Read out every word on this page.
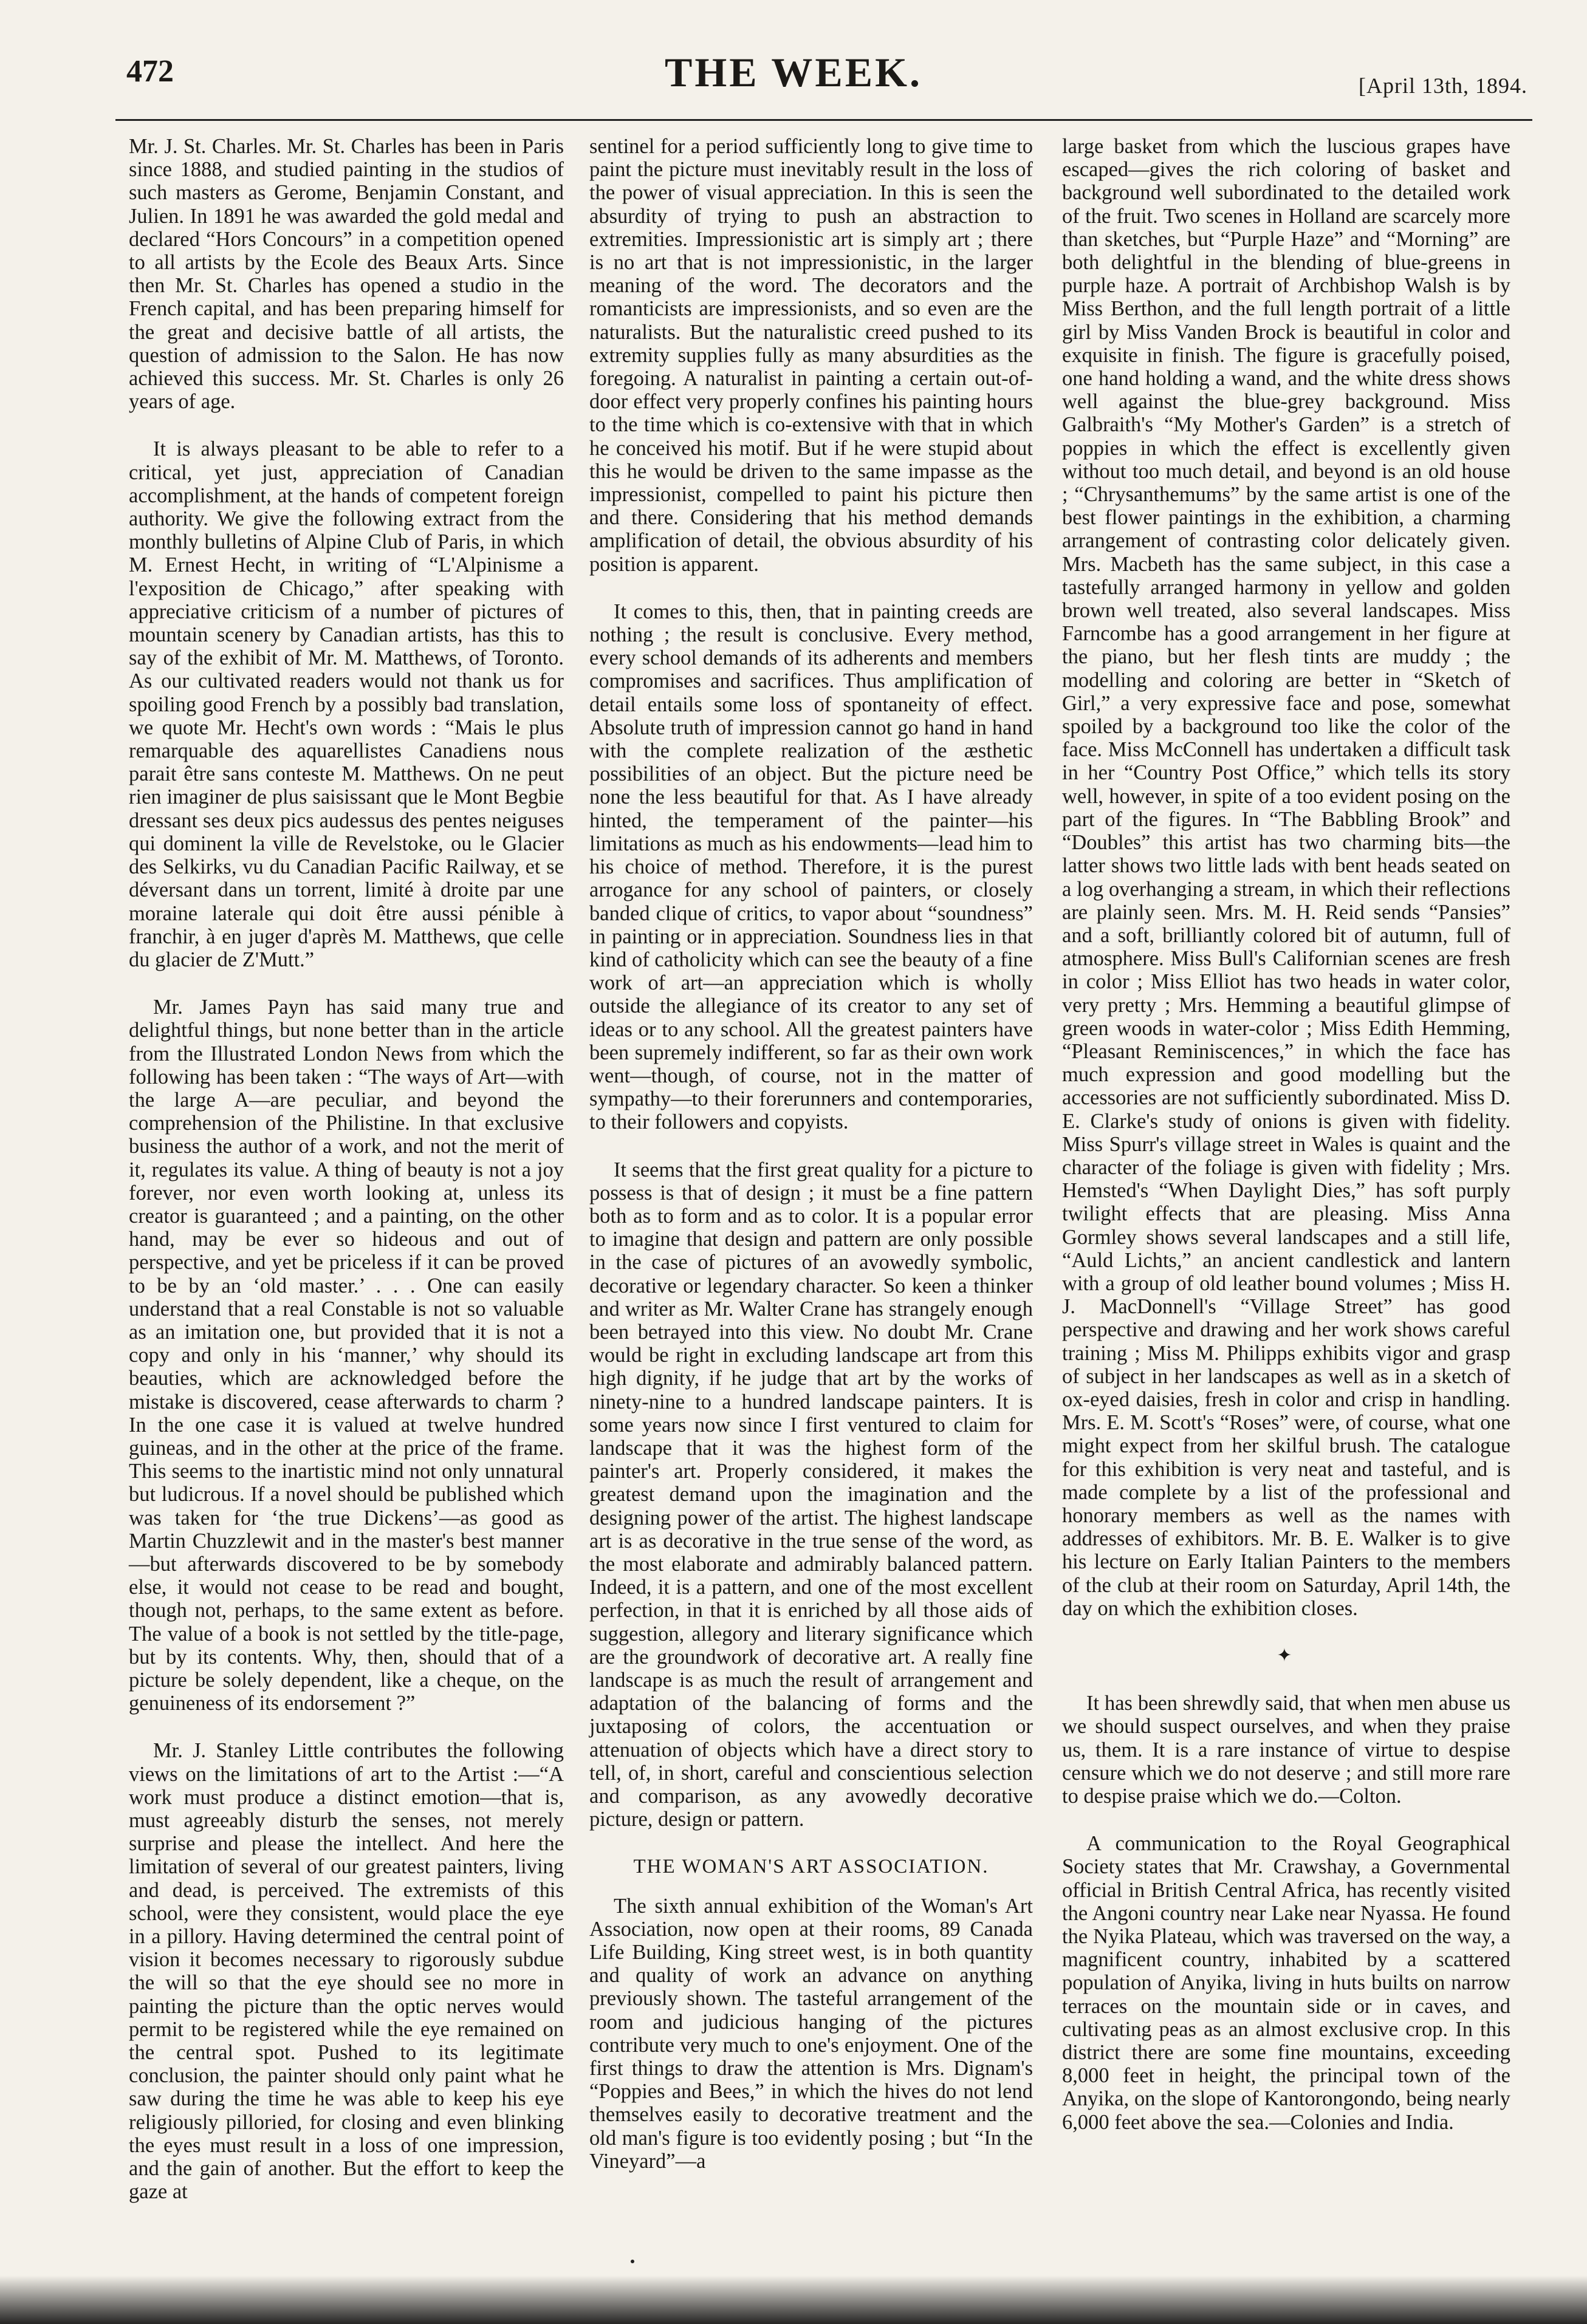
472	THE WEEK.	[April 13th, 1894.

Mr. J. St. Charles. Mr. St. Charles has been in Paris since 1888, and studied painting in the studios of such masters as Gerome, Benjamin Constant, and Julien. In 1891 he was awarded the gold medal and declared “Hors Concours” in a competition opened to all artists by the Ecole des Beaux Arts. Since then Mr. St. Charles has opened a studio in the French capital, and has been preparing himself for the great and decisive battle of all artists, the question of admission to the Salon. He has now achieved this success. Mr. St. Charles is only 26 years of age.

It is always pleasant to be able to refer to a critical, yet just, appreciation of Canadian accomplishment, at the hands of competent foreign authority. We give the following extract from the monthly bulletins of Alpine Club of Paris, in which M. Ernest Hecht, in writing of “L'Alpinisme a l'exposition de Chicago,” after speaking with appreciative criticism of a number of pictures of mountain scenery by Canadian artists, has this to say of the exhibit of Mr. M. Matthews, of Toronto. As our cultivated readers would not thank us for spoiling good French by a possibly bad translation, we quote Mr. Hecht's own words : “Mais le plus remarquable des aquarellistes Canadiens nous parait être sans conteste M. Matthews. On ne peut rien imaginer de plus saisissant que le Mont Begbie dressant ses deux pics audessus des pentes neiguses qui dominent la ville de Revelstoke, ou le Glacier des Selkirks, vu du Canadian Pacific Railway, et se déversant dans un torrent, limité à droite par une moraine laterale qui doit être aussi pénible à franchir, à en juger d'après M. Matthews, que celle du glacier de Z'Mutt.”

Mr. James Payn has said many true and delightful things, but none better than in the article from the Illustrated London News from which the following has been taken : “The ways of Art—with the large A—are peculiar, and beyond the comprehension of the Philistine. In that exclusive business the author of a work, and not the merit of it, regulates its value. A thing of beauty is not a joy forever, nor even worth looking at, unless its creator is guaranteed ; and a painting, on the other hand, may be ever so hideous and out of perspective, and yet be priceless if it can be proved to be by an ‘old master.’ . . . One can easily understand that a real Constable is not so valuable as an imitation one, but provided that it is not a copy and only in his ‘manner,’ why should its beauties, which are acknowledged before the mistake is discovered, cease afterwards to charm ? In the one case it is valued at twelve hundred guineas, and in the other at the price of the frame. This seems to the inartistic mind not only unnatural but ludicrous. If a novel should be published which was taken for ‘the true Dickens’—as good as Martin Chuzzlewit and in the master's best manner—but afterwards discovered to be by somebody else, it would not cease to be read and bought, though not, perhaps, to the same extent as before. The value of a book is not settled by the title-page, but by its contents. Why, then, should that of a picture be solely dependent, like a cheque, on the genuineness of its endorsement ?”

Mr. J. Stanley Little contributes the following views on the limitations of art to the Artist :—“A work must produce a distinct emotion—that is, must agreeably disturb the senses, not merely surprise and please the intellect. And here the limitation of several of our greatest painters, living and dead, is perceived. The extremists of this school, were they consistent, would place the eye in a pillory. Having determined the central point of vision it becomes necessary to rigorously subdue the will so that the eye should see no more in painting the picture than the optic nerves would permit to be registered while the eye remained on the central spot. Pushed to its legitimate conclusion, the painter should only paint what he saw during the time he was able to keep his eye religiously pilloried, for closing and even blinking the eyes must result in a loss of one impression, and the gain of another. But the effort to keep the gaze at

sentinel for a period sufficiently long to give time to paint the picture must inevitably result in the loss of the power of visual appreciation. In this is seen the absurdity of trying to push an abstraction to extremities. Impressionistic art is simply art ; there is no art that is not impressionistic, in the larger meaning of the word. The decorators and the romanticists are impressionists, and so even are the naturalists. But the naturalistic creed pushed to its extremity supplies fully as many absurdities as the foregoing. A naturalist in painting a certain out-of-door effect very properly confines his painting hours to the time which is co-extensive with that in which he conceived his motif. But if he were stupid about this he would be driven to the same impasse as the impressionist, compelled to paint his picture then and there. Considering that his method demands amplification of detail, the obvious absurdity of his position is apparent.

It comes to this, then, that in painting creeds are nothing ; the result is conclusive. Every method, every school demands of its adherents and members compromises and sacrifices. Thus amplification of detail entails some loss of spontaneity of effect. Absolute truth of impression cannot go hand in hand with the complete realization of the æsthetic possibilities of an object. But the picture need be none the less beautiful for that. As I have already hinted, the temperament of the painter—his limitations as much as his endowments—lead him to his choice of method. Therefore, it is the purest arrogance for any school of painters, or closely banded clique of critics, to vapor about “soundness” in painting or in appreciation. Soundness lies in that kind of catholicity which can see the beauty of a fine work of art—an appreciation which is wholly outside the allegiance of its creator to any set of ideas or to any school. All the greatest painters have been supremely indifferent, so far as their own work went—though, of course, not in the matter of sympathy—to their forerunners and contemporaries, to their followers and copyists.

It seems that the first great quality for a picture to possess is that of design ; it must be a fine pattern both as to form and as to color. It is a popular error to imagine that design and pattern are only possible in the case of pictures of an avowedly symbolic, decorative or legendary character. So keen a thinker and writer as Mr. Walter Crane has strangely enough been betrayed into this view. No doubt Mr. Crane would be right in excluding landscape art from this high dignity, if he judge that art by the works of ninety-nine to a hundred landscape painters. It is some years now since I first ventured to claim for landscape that it was the highest form of the painter's art. Properly considered, it makes the greatest demand upon the imagination and the designing power of the artist. The highest landscape art is as decorative in the true sense of the word, as the most elaborate and admirably balanced pattern. Indeed, it is a pattern, and one of the most excellent perfection, in that it is enriched by all those aids of suggestion, allegory and literary significance which are the groundwork of decorative art. A really fine landscape is as much the result of arrangement and adaptation of the balancing of forms and the juxtaposing of colors, the accentuation or attenuation of objects which have a direct story to tell, of, in short, careful and conscientious selection and comparison, as any avowedly decorative picture, design or pattern.

THE WOMAN'S ART ASSOCIATION.

The sixth annual exhibition of the Woman's Art Association, now open at their rooms, 89 Canada Life Building, King street west, is in both quantity and quality of work an advance on anything previously shown. The tasteful arrangement of the room and judicious hanging of the pictures contribute very much to one's enjoyment. One of the first things to draw the attention is Mrs. Dignam's “Poppies and Bees,” in which the hives do not lend themselves easily to decorative treatment and the old man's figure is too evidently posing ; but “In the Vineyard”—a

large basket from which the luscious grapes have escaped—gives the rich coloring of basket and background well subordinated to the detailed work of the fruit. Two scenes in Holland are scarcely more than sketches, but “Purple Haze” and “Morning” are both delightful in the blending of blue-greens in purple haze. A portrait of Archbishop Walsh is by Miss Berthon, and the full length portrait of a little girl by Miss Vanden Brock is beautiful in color and exquisite in finish. The figure is gracefully poised, one hand holding a wand, and the white dress shows well against the blue-grey background. Miss Galbraith's “My Mother's Garden” is a stretch of poppies in which the effect is excellently given without too much detail, and beyond is an old house ; “Chrysanthemums” by the same artist is one of the best flower paintings in the exhibition, a charming arrangement of contrasting color delicately given. Mrs. Macbeth has the same subject, in this case a tastefully arranged harmony in yellow and golden brown well treated, also several landscapes. Miss Farncombe has a good arrangement in her figure at the piano, but her flesh tints are muddy ; the modelling and coloring are better in “Sketch of Girl,” a very expressive face and pose, somewhat spoiled by a background too like the color of the face. Miss McConnell has undertaken a difficult task in her “Country Post Office,” which tells its story well, however, in spite of a too evident posing on the part of the figures. In “The Babbling Brook” and “Doubles” this artist has two charming bits—the latter shows two little lads with bent heads seated on a log overhanging a stream, in which their reflections are plainly seen. Mrs. M. H. Reid sends “Pansies” and a soft, brilliantly colored bit of autumn, full of atmosphere. Miss Bull's Californian scenes are fresh in color ; Miss Elliot has two heads in water color, very pretty ; Mrs. Hemming a beautiful glimpse of green woods in water-color ; Miss Edith Hemming, “Pleasant Reminiscences,” in which the face has much expression and good modelling but the accessories are not sufficiently subordinated. Miss D. E. Clarke's study of onions is given with fidelity. Miss Spurr's village street in Wales is quaint and the character of the foliage is given with fidelity ; Mrs. Hemsted's “When Daylight Dies,” has soft purply twilight effects that are pleasing. Miss Anna Gormley shows several landscapes and a still life, “Auld Lichts,” an ancient candlestick and lantern with a group of old leather bound volumes ; Miss H. J. MacDonnell's “Village Street” has good perspective and drawing and her work shows careful training ; Miss M. Philipps exhibits vigor and grasp of subject in her landscapes as well as in a sketch of ox-eyed daisies, fresh in color and crisp in handling. Mrs. E. M. Scott's “Roses” were, of course, what one might expect from her skilful brush. The catalogue for this exhibition is very neat and tasteful, and is made complete by a list of the professional and honorary members as well as the names with addresses of exhibitors. Mr. B. E. Walker is to give his lecture on Early Italian Painters to the members of the club at their room on Saturday, April 14th, the day on which the exhibition closes.

✦

It has been shrewdly said, that when men abuse us we should suspect ourselves, and when they praise us, them. It is a rare instance of virtue to despise censure which we do not deserve ; and still more rare to despise praise which we do.—Colton.

A communication to the Royal Geographical Society states that Mr. Crawshay, a Governmental official in British Central Africa, has recently visited the Angoni country near Lake near Nyassa. He found the Nyika Plateau, which was traversed on the way, a magnificent country, inhabited by a scattered population of Anyika, living in huts builts on narrow terraces on the mountain side or in caves, and cultivating peas as an almost exclusive crop. In this district there are some fine mountains, exceeding 8,000 feet in height, the principal town of the Anyika, on the slope of Kantorongondo, being nearly 6,000 feet above the sea.—Colonies and India.
